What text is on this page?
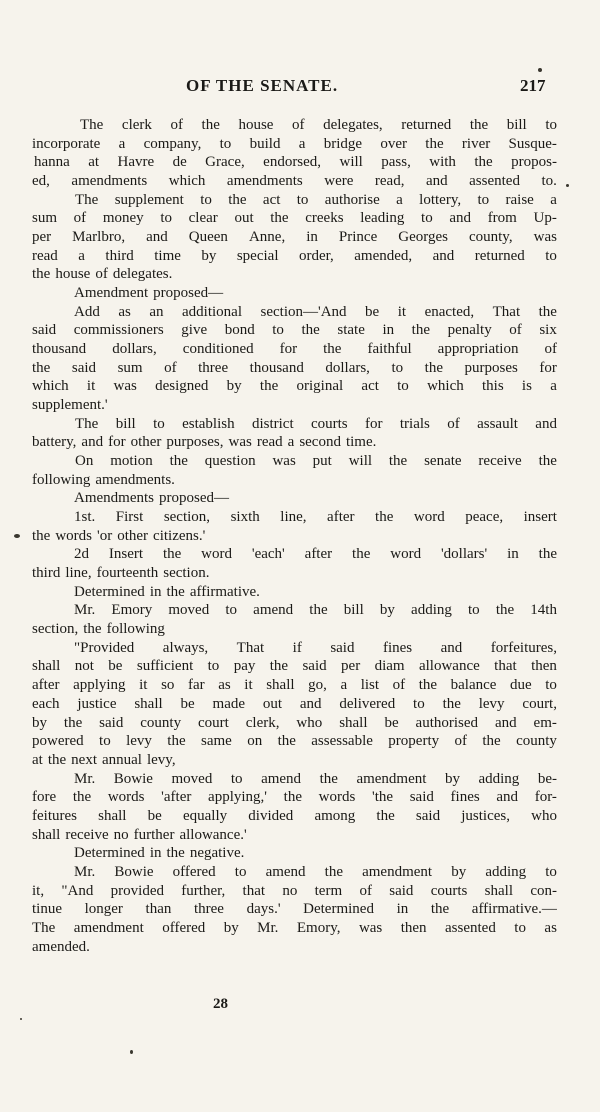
OF THE SENATE.	217
The clerk of the house of delegates, returned the bill to
incorporate a company, to build a bridge over the river Susque-
hanna at Havre de Grace, endorsed, will pass, with the propos-
ed, amendments which amendments were read, and assented to.
The supplement to the act to authorise a lottery, to raise a
sum of money to clear out the creeks leading to and from Up-
per Marlbro, and Queen Anne, in Prince Georges county, was
read a third time by special order, amended, and returned to
the house of delegates.
Amendment proposed—
Add as an additional section—'And be it enacted, That the
said commissioners give bond to the state in the penalty of six
thousand dollars, conditioned for the faithful appropriation of
the said sum of three thousand dollars, to the purposes for
which it was designed by the original act to which this is a
supplement.'
The bill to establish district courts for trials of assault and
battery, and for other purposes, was read a second time.
On motion the question was put will the senate receive the
following amendments.
Amendments proposed—
1st. First section, sixth line, after the word peace, insert
the words 'or other citizens.'
2d Insert the word 'each' after the word 'dollars' in the
third line, fourteenth section.
Determined in the affirmative.
Mr. Emory moved to amend the bill by adding to the 14th
section, the following
"Provided always, That if said fines and forfeitures,
shall not be sufficient to pay the said per diam allowance that then
after applying it so far as it shall go, a list of the balance due to
each justice shall be made out and delivered to the levy court,
by the said county court clerk, who shall be authorised and em-
powered to levy the same on the assessable property of the county
at the next annual levy,
Mr. Bowie moved to amend the amendment by adding be-
fore the words 'after applying,' the words 'the said fines and for-
feitures shall be equally divided among the said justices, who
shall receive no further allowance.'
Determined in the negative.
Mr. Bowie offered to amend the amendment by adding to
it, "And provided further, that no term of said courts shall con-
tinue longer than three days.' Determined in the affirmative.—
The amendment offered by Mr. Emory, was then assented to as
amended.
28
